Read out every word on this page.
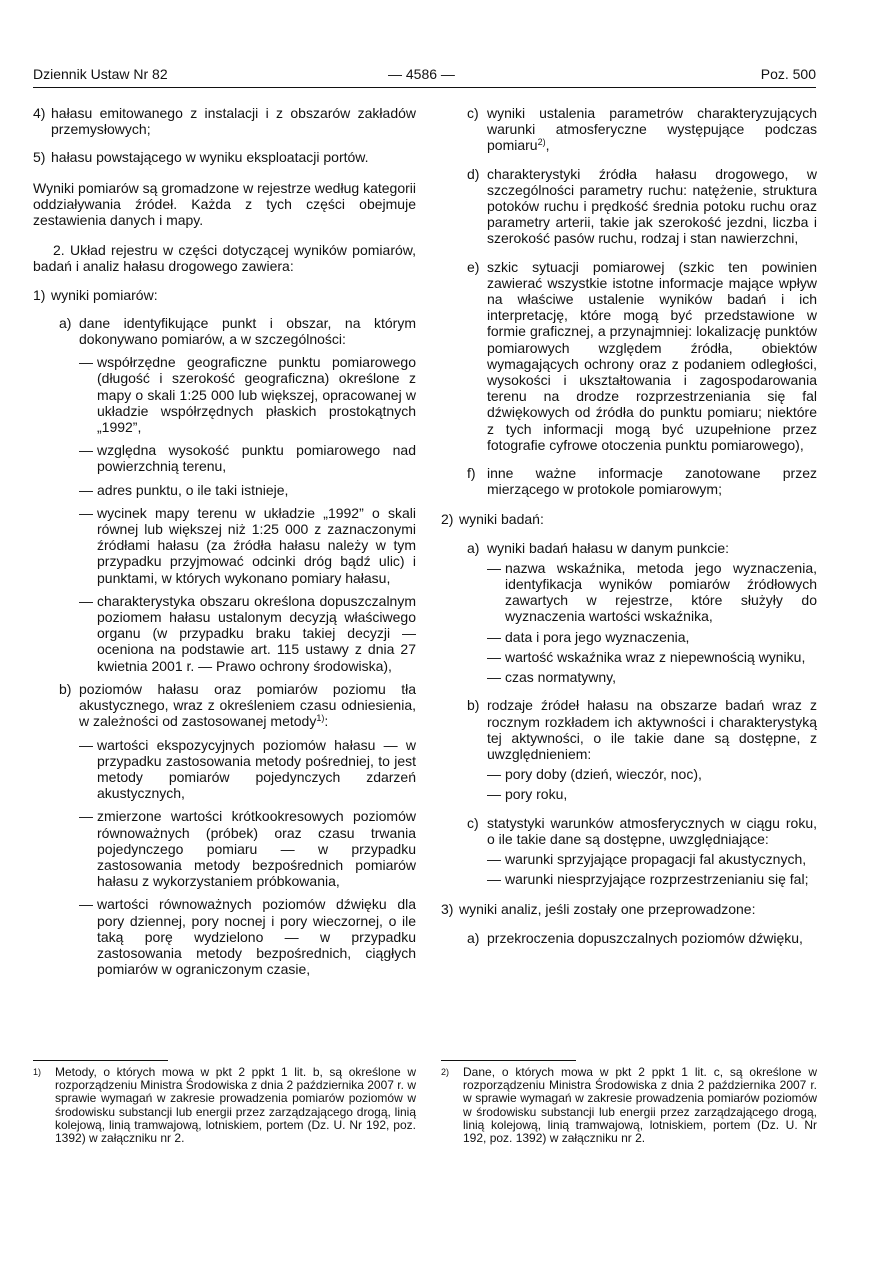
Dziennik Ustaw Nr 82	— 4586 —	Poz. 500
4) hałasu emitowanego z instalacji i z obszarów zakładów przemysłowych;
5) hałasu powstającego w wyniku eksploatacji portów.

Wyniki pomiarów są gromadzone w rejestrze według kategorii oddziaływania źródeł. Każda z tych części obejmuje zestawienia danych i mapy.

2. Układ rejestru w części dotyczącej wyników pomiarów, badań i analiz hałasu drogowego zawiera:

1) wyniki pomiarów:
a) dane identyfikujące punkt i obszar, na którym dokonywano pomiarów, a w szczególności:
— współrzędne geograficzne punktu pomiarowego (długość i szerokość geograficzna) określone z mapy o skali 1:25 000 lub większej, opracowanej w układzie współrzędnych płaskich prostokątnych „1992”,
— względna wysokość punktu pomiarowego nad powierzchnią terenu,
— adres punktu, o ile taki istnieje,
— wycinek mapy terenu w układzie „1992” o skali równej lub większej niż 1:25 000 z zaznaczonymi źródłami hałasu (za źródła hałasu należy w tym przypadku przyjmować odcinki dróg bądź ulic) i punktami, w których wykonano pomiary hałasu,
— charakterystyka obszaru określona dopuszczalnym poziomem hałasu ustalonym decyzją właściwego organu (w przypadku braku takiej decyzji — oceniona na podstawie art. 115 ustawy z dnia 27 kwietnia 2001 r. — Prawo ochrony środowiska),
b) poziomów hałasu oraz pomiarów poziomu tła akustycznego, wraz z określeniem czasu odniesienia, w zależności od zastosowanej metody$^{1)}$:
— wartości ekspozycyjnych poziomów hałasu — w przypadku zastosowania metody pośredniej, to jest metody pomiarów pojedynczych zdarzeń akustycznych,
— zmierzone wartości krótkookresowych poziomów równoważnych (próbek) oraz czasu trwania pojedynczego pomiaru — w przypadku zastosowania metody bezpośrednich pomiarów hałasu z wykorzystaniem próbkowania,
— wartości równoważnych poziomów dźwięku dla pory dziennej, pory nocnej i pory wieczornej, o ile taką porę wydzielono — w przypadku zastosowania metody bezpośrednich, ciągłych pomiarów w ograniczonym czasie,
c) wyniki ustalenia parametrów charakteryzujących warunki atmosferyczne występujące podczas pomiaru$^{2)}$,
d) charakterystyki źródła hałasu drogowego, w szczególności parametry ruchu: natężenie, struktura potoków ruchu i prędkość średnia potoku ruchu oraz parametry arterii, takie jak szerokość jezdni, liczba i szerokość pasów ruchu, rodzaj i stan nawierzchni,
e) szkic sytuacji pomiarowej (szkic ten powinien zawierać wszystkie istotne informacje mające wpływ na właściwe ustalenie wyników badań i ich interpretację, które mogą być przedstawione w formie graficznej, a przynajmniej: lokalizację punktów pomiarowych względem źródła, obiektów wymagających ochrony oraz z podaniem odległości, wysokości i ukształtowania i zagospodarowania terenu na drodze rozprzestrzeniania się fal dźwiękowych od źródła do punktu pomiaru; niektóre z tych informacji mogą być uzupełnione przez fotografie cyfrowe otoczenia punktu pomiarowego),
f) inne ważne informacje zanotowane przez mierzącego w protokole pomiarowym;
2) wyniki badań:
a) wyniki badań hałasu w danym punkcie:
— nazwa wskaźnika, metoda jego wyznaczenia, identyfikacja wyników pomiarów źródłowych zawartych w rejestrze, które służyły do wyznaczenia wartości wskaźnika,
— data i pora jego wyznaczenia,
— wartość wskaźnika wraz z niepewnością wyniku,
— czas normatywny,
b) rodzaje źródeł hałasu na obszarze badań wraz z rocznym rozkładem ich aktywności i charakterystyką tej aktywności, o ile takie dane są dostępne, z uwzględnieniem:
— pory doby (dzień, wieczór, noc),
— pory roku,
c) statystyki warunków atmosferycznych w ciągu roku, o ile takie dane są dostępne, uwzględniające:
— warunki sprzyjające propagacji fal akustycznych,
— warunki niesprzyjające rozprzestrzenianiu się fal;
3) wyniki analiz, jeśli zostały one przeprowadzone:
a) przekroczenia dopuszczalnych poziomów dźwięku,
1)	Metody, o których mowa w pkt 2 ppkt 1 lit. b, są określone w rozporządzeniu Ministra Środowiska z dnia 2 października 2007 r. w sprawie wymagań w zakresie prowadzenia pomiarów poziomów w środowisku substancji lub energii przez zarządzającego drogą, linią kolejową, linią tramwajową, lotniskiem, portem (Dz. U. Nr 192, poz. 1392) w załączniku nr 2.
2)	Dane, o których mowa w pkt 2 ppkt 1 lit. c, są określone w rozporządzeniu Ministra Środowiska z dnia 2 października 2007 r. w sprawie wymagań w zakresie prowadzenia pomiarów poziomów w środowisku substancji lub energii przez zarządzającego drogą, linią kolejową, linią tramwajową, lotniskiem, portem (Dz. U. Nr 192, poz. 1392) w załączniku nr 2.
